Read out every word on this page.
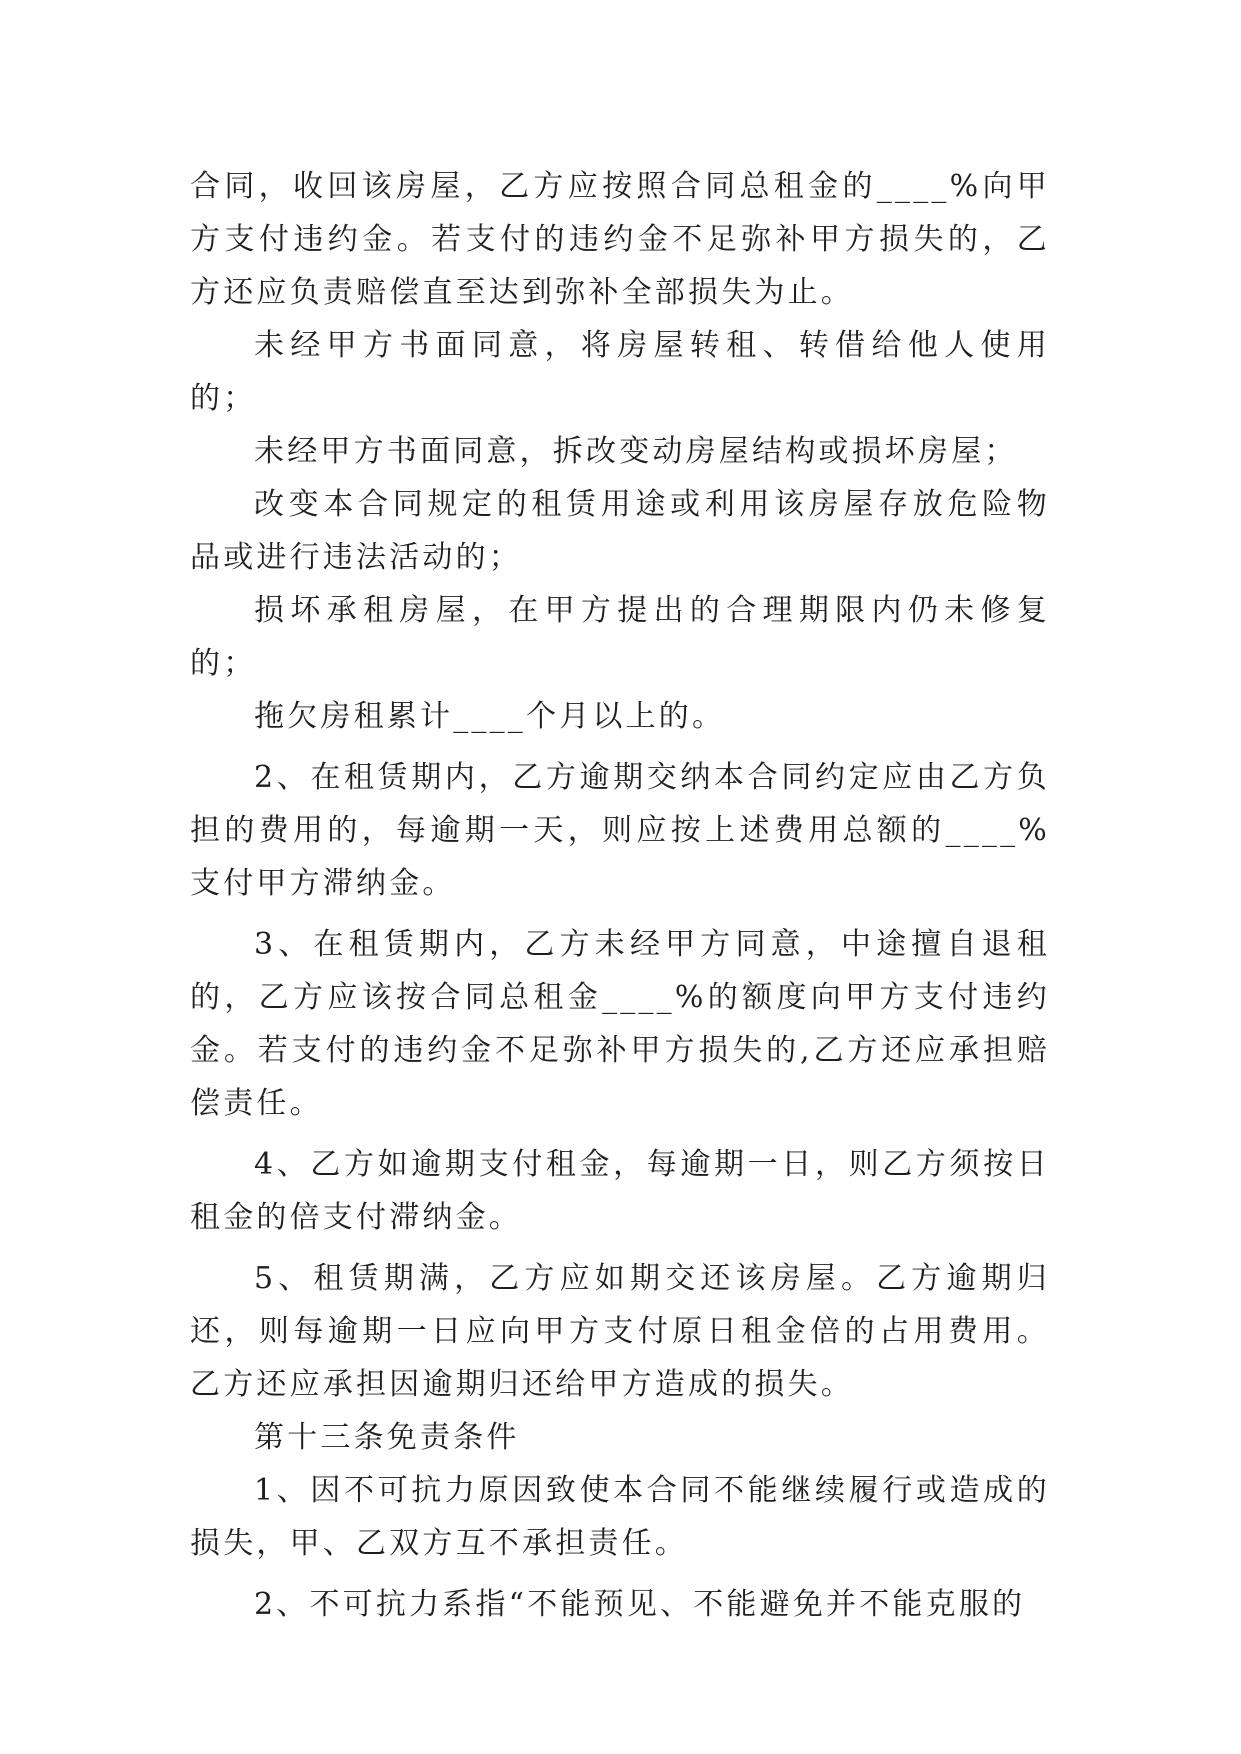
合同，收回该房屋，乙方应按照合同总租金的____%向甲方支付违约金。若支付的违约金不足弥补甲方损失的，乙方还应负责赔偿直至达到弥补全部损失为止。

未经甲方书面同意，将房屋转租、转借给他人使用的；

未经甲方书面同意，拆改变动房屋结构或损坏房屋；

改变本合同规定的租赁用途或利用该房屋存放危险物品或进行违法活动的；

损坏承租房屋，在甲方提出的合理期限内仍未修复的；

拖欠房租累计____个月以上的。

2、在租赁期内，乙方逾期交纳本合同约定应由乙方负担的费用的，每逾期一天，则应按上述费用总额的____%支付甲方滞纳金。

3、在租赁期内，乙方未经甲方同意，中途擅自退租的，乙方应该按合同总租金____%的额度向甲方支付违约金。若支付的违约金不足弥补甲方损失的,乙方还应承担赔偿责任。

4、乙方如逾期支付租金，每逾期一日，则乙方须按日租金的倍支付滞纳金。

5、租赁期满，乙方应如期交还该房屋。乙方逾期归还，则每逾期一日应向甲方支付原日租金倍的占用费用。乙方还应承担因逾期归还给甲方造成的损失。

第十三条免责条件

1、因不可抗力原因致使本合同不能继续履行或造成的损失，甲、乙双方互不承担责任。

2、不可抗力系指“不能预见、不能避免并不能克服的
